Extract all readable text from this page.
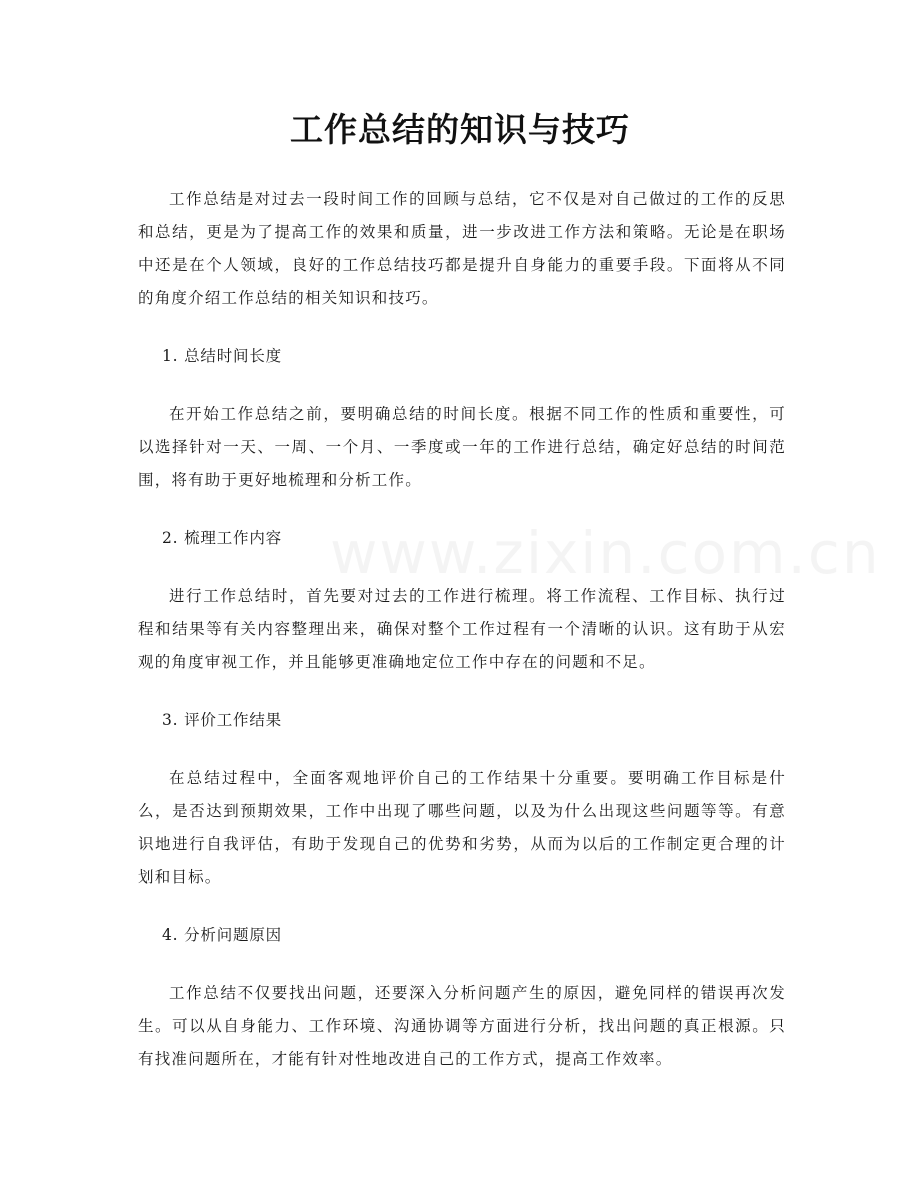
www.zixin.com.cn
工作总结的知识与技巧

工作总结是对过去一段时间工作的回顾与总结，它不仅是对自己做过的工作的反思和总结，更是为了提高工作的效果和质量，进一步改进工作方法和策略。无论是在职场中还是在个人领域，良好的工作总结技巧都是提升自身能力的重要手段。下面将从不同的角度介绍工作总结的相关知识和技巧。

1. 总结时间长度

在开始工作总结之前，要明确总结的时间长度。根据不同工作的性质和重要性，可以选择针对一天、一周、一个月、一季度或一年的工作进行总结，确定好总结的时间范围，将有助于更好地梳理和分析工作。

2. 梳理工作内容

进行工作总结时，首先要对过去的工作进行梳理。将工作流程、工作目标、执行过程和结果等有关内容整理出来，确保对整个工作过程有一个清晰的认识。这有助于从宏观的角度审视工作，并且能够更准确地定位工作中存在的问题和不足。

3. 评价工作结果

在总结过程中，全面客观地评价自己的工作结果十分重要。要明确工作目标是什么，是否达到预期效果，工作中出现了哪些问题，以及为什么出现这些问题等等。有意识地进行自我评估，有助于发现自己的优势和劣势，从而为以后的工作制定更合理的计划和目标。

4. 分析问题原因

工作总结不仅要找出问题，还要深入分析问题产生的原因，避免同样的错误再次发生。可以从自身能力、工作环境、沟通协调等方面进行分析，找出问题的真正根源。只有找准问题所在，才能有针对性地改进自己的工作方式，提高工作效率。
